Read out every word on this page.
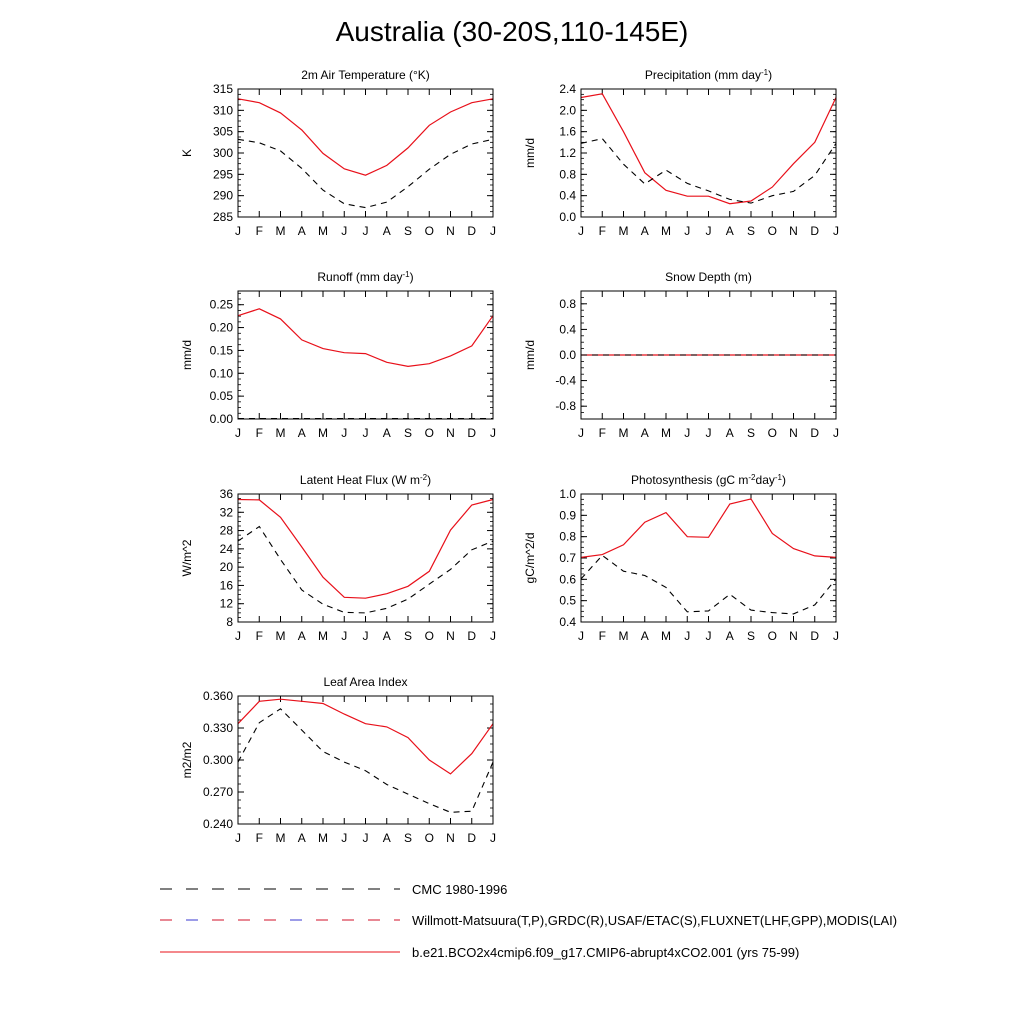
Australia (30-20S,110-145E)
2m Air Temperature (°K)
K
J F M A M J J A S O N D J
285
290
295
300
305
310
315
Precipitation (mm day$^{-1}$)
mm/d
J F M A M J J A S O N D J
0.0
0.4
0.8
1.2
1.6
2.0
2.4
Runoff (mm day$^{-1}$)
mm/d
J F M A M J J A S O N D J
0.00
0.05
0.10
0.15
0.20
0.25
Snow Depth (m)
mm/d
J F M A M J J A S O N D J
-0.8
-0.4
0.0
0.4
0.8
Latent Heat Flux (W $m^{-2}$)
W/m^2
J F M A M J J A S O N D J
8
12
16
20
24
28
32
36
Photosynthesis (gC $m^{-2}day^{-1}$)
gC/m^2/d
J F M A M J J A S O N D J
0.4
0.5
0.6
0.7
0.8
0.9
1.0
Leaf Area Index
m2/m2
J F M A M J J A S O N D J
0.240
0.270
0.300
0.330
0.360
CMC 1980-1996
Willmott-Matsuura(T,P),GRDC(R),USAF/ETAC(S),FLUXNET(LHF,GPP),MODIS(LAI)
b.e21.BCO2x4cmip6.f09_g17.CMIP6-abrupt4xCO2.001 (yrs 75-99)
